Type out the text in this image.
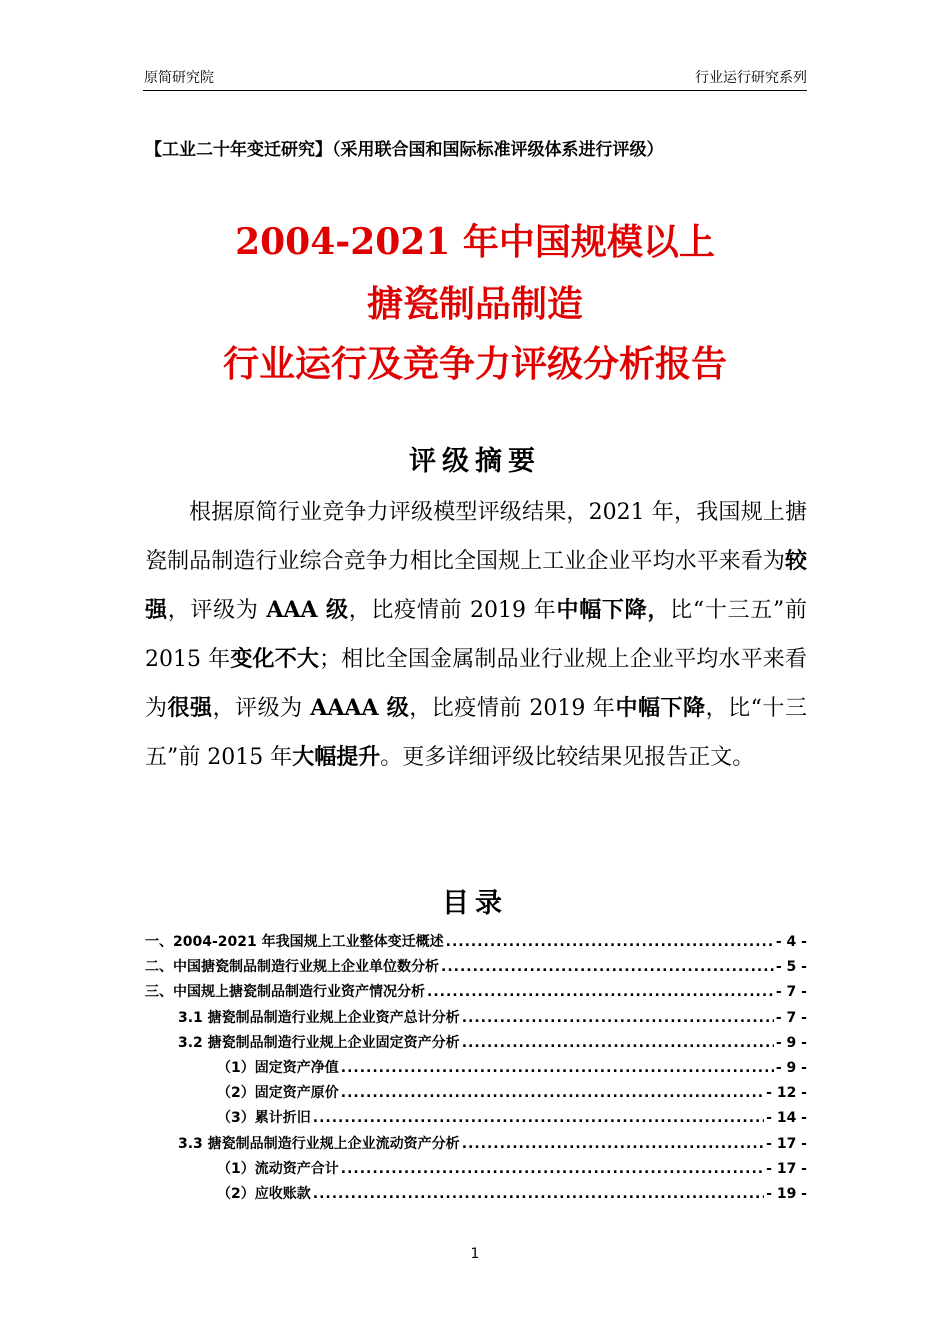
原简研究院	行业运行研究系列
【工业二十年变迁研究】（采用联合国和国际标准评级体系进行评级）
2004-2021 年中国规模以上
搪瓷制品制造
行业运行及竞争力评级分析报告
评级摘要

根据原简行业竞争力评级模型评级结果，2021 年，我国规上搪瓷制品制造行业综合竞争力相比全国规上工业企业平均水平来看为较强，评级为 AAA 级，比疫情前 2019 年中幅下降，比“十三五”前 2015 年变化不大；相比全国金属制品业行业规上企业平均水平来看为很强，评级为 AAAA 级，比疫情前 2019 年中幅下降，比“十三五”前 2015 年大幅提升。更多详细评级比较结果见报告正文。

目录
一、2004-2021 年我国规上工业整体变迁概述 .....	- 4 -
二、中国搪瓷制品制造行业规上企业单位数分析 .....	- 5 -
三、中国规上搪瓷制品制造行业资产情况分析 .....	- 7 -
3.1 搪瓷制品制造行业规上企业资产总计分析 .....	- 7 -
3.2 搪瓷制品制造行业规上企业固定资产分析 .....	- 9 -
（1）固定资产净值 .....	- 9 -
（2）固定资产原价 .....	- 12 -
（3）累计折旧 .....	- 14 -
3.3 搪瓷制品制造行业规上企业流动资产分析 .....	- 17 -
（1）流动资产合计 .....	- 17 -
（2）应收账款 .....	- 19 -
1
